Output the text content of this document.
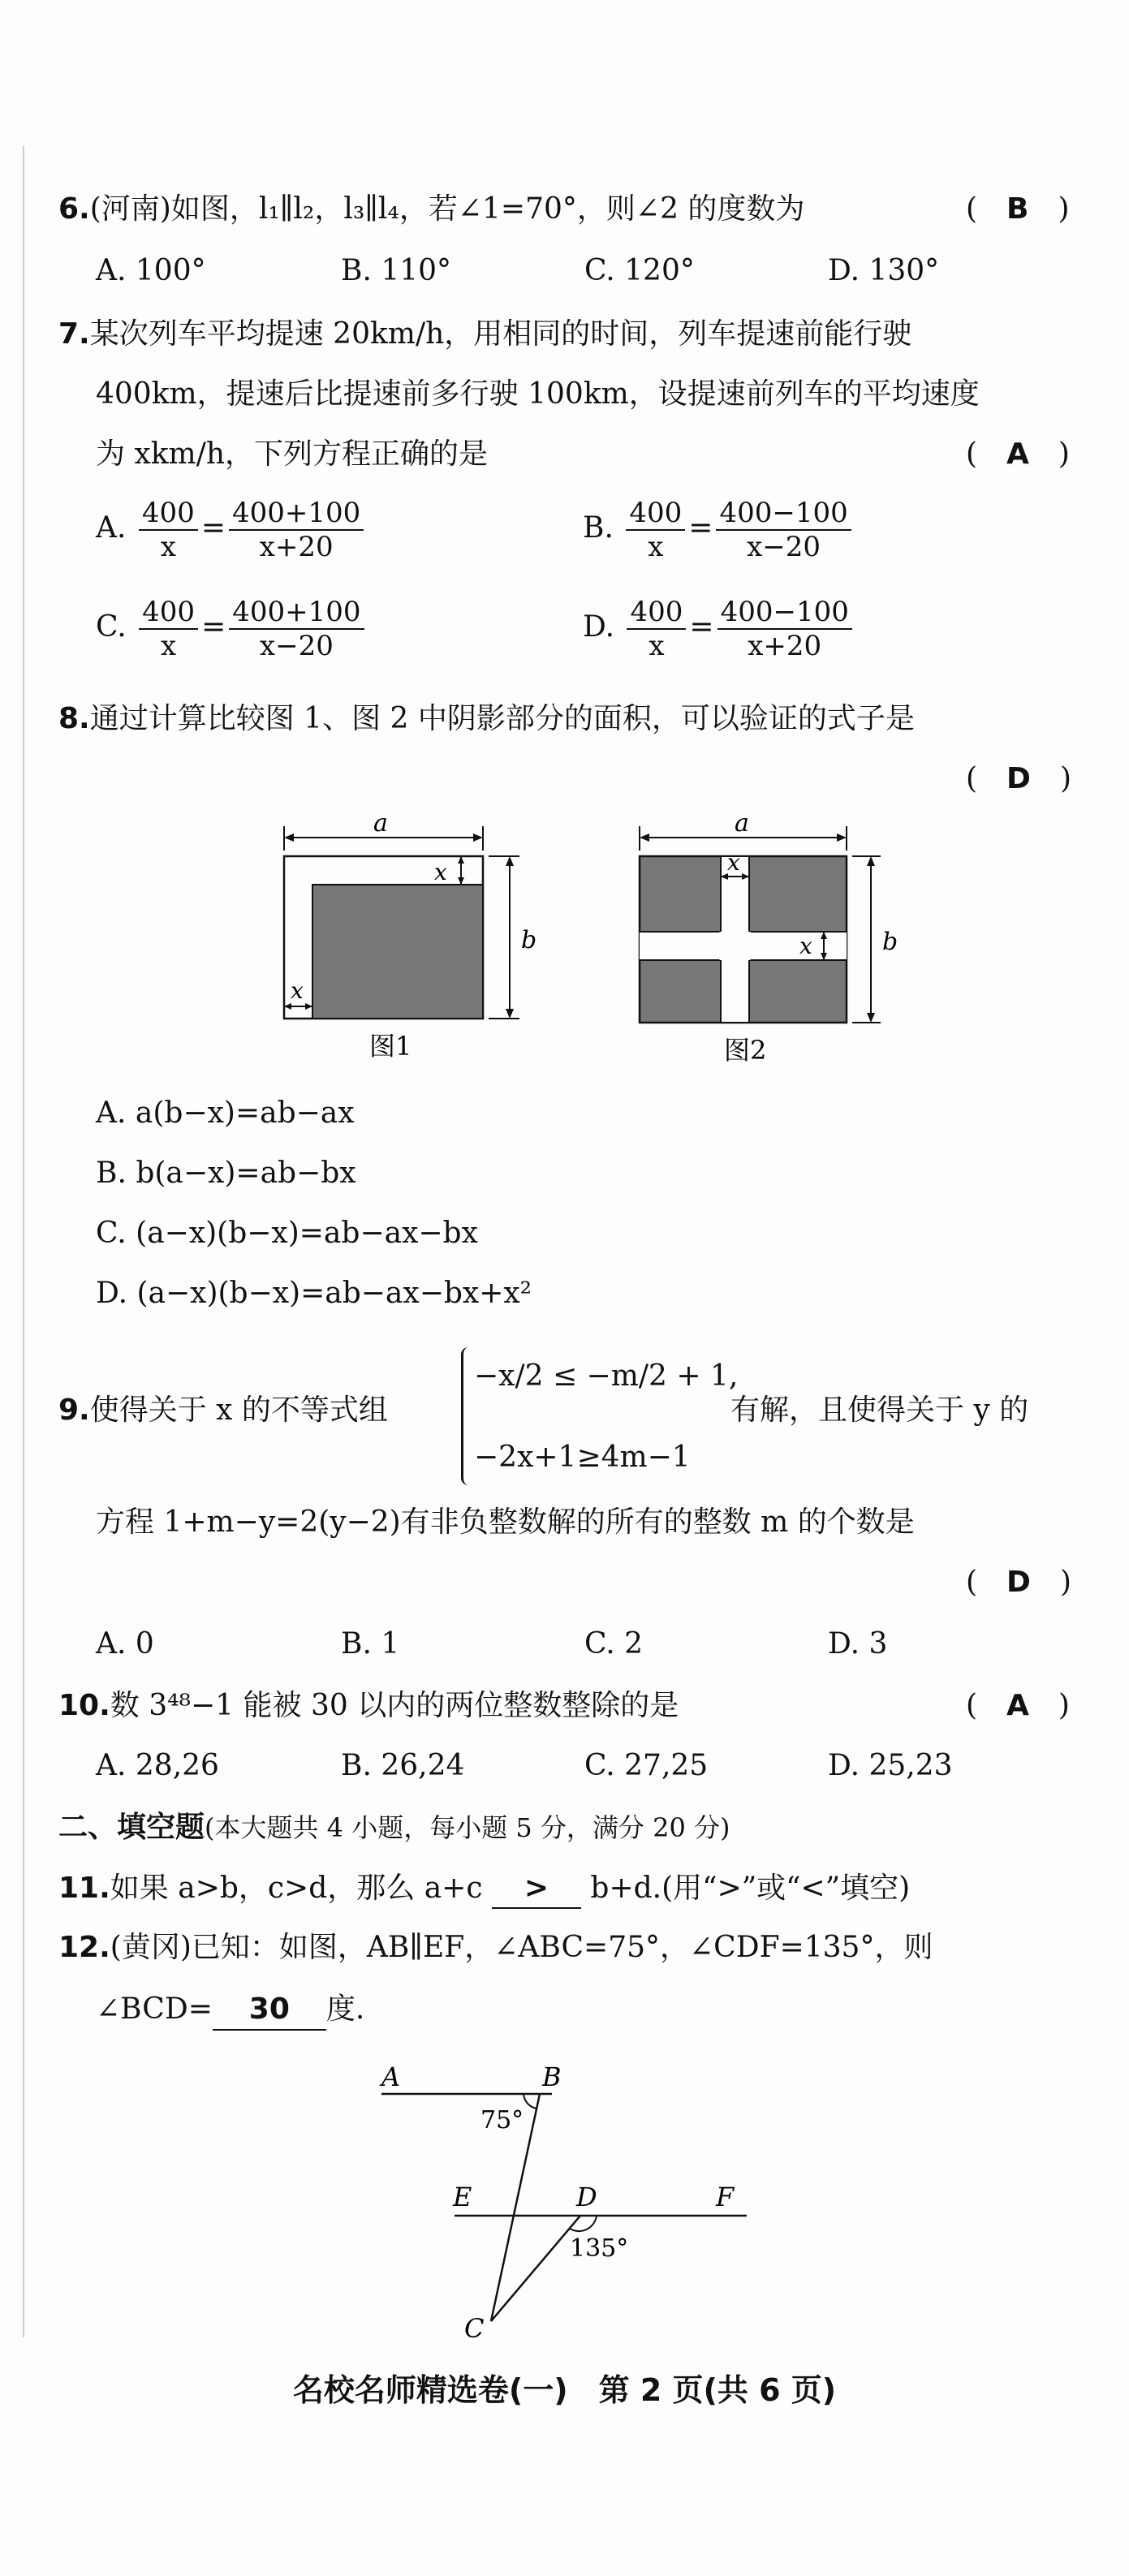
6.(河南)如图，l₁∥l₂，l₃∥l₄，若∠1=70°，则∠2 的度数为	(　B　)
A. 100°	B. 110°	C. 120°	D. 130°
7.某次列车平均提速 20km/h，用相同的时间，列车提速前能行驶
400km，提速后比提速前多行驶 100km，设提速前列车的平均速度
为 xkm/h，下列方程正确的是	(　A　)
A. $\frac{400}{x} = \frac{400+100}{x+20}$	B. $\frac{400}{x} = \frac{400-100}{x-20}$
C. $\frac{400}{x} = \frac{400+100}{x-20}$	D. $\frac{400}{x} = \frac{400-100}{x+20}$
8.通过计算比较图 1、图 2 中阴影部分的面积，可以验证的式子是
(　D　)
a
b
x
x
图1
a
b
x
x
图2
A. a(b−x)=ab−ax
B. b(a−x)=ab−bx
C. (a−x)(b−x)=ab−ax−bx
D. (a−x)(b−x)=ab−ax−bx+x²
9.使得关于 x 的不等式组
−x/2 ≤ −m/2 + 1,
−2x+1≥4m−1
有解，且使得关于 y 的
方程 1+m−y=2(y−2)有非负整数解的所有的整数 m 的个数是
(　D　)
A. 0	B. 1	C. 2	D. 3
10.数 3⁴⁸−1 能被 30 以内的两位整数整除的是	(　A　)
A. 28,26	B. 26,24	C. 27,25	D. 25,23
二、填空题(本大题共 4 小题，每小题 5 分，满分 20 分)
11.如果 a>b，c>d，那么 a+c > b+d.(用“>”或“<”填空)
12.(黄冈)已知：如图，AB∥EF，∠ABC=75°，∠CDF=135°，则
∠BCD= 30 度.
A	B
E	D	F
C
75°
135°
名校名师精选卷(一)　第 2 页(共 6 页)
